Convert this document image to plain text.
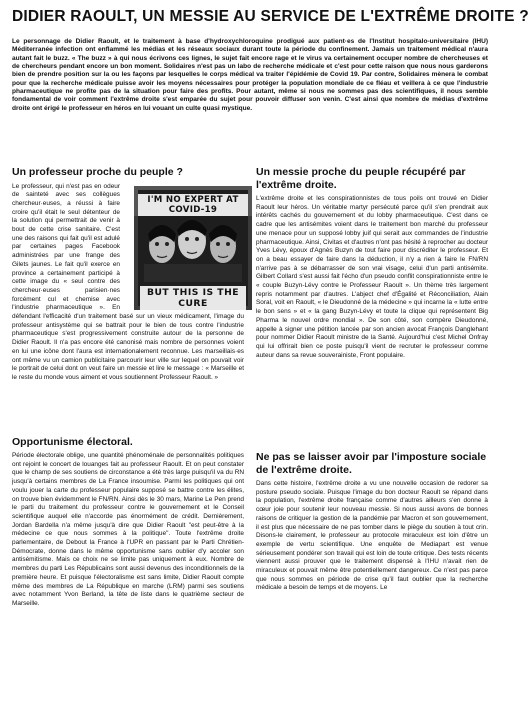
DIDIER RAOULT, UN MESSIE AU SERVICE DE L'EXTRÊME DROITE ?

Le personnage de Didier Raoult, et le traitement à base d'hydroxychloroquine prodigué aux patient·es de l'Institut hospitalo-universitaire (IHU) Méditerranée infection ont enflammé les médias et les réseaux sociaux durant toute la période du confinement. Jamais un traitement médical n'aura autant fait le buzz. « The buzz » à qui nous écrivons ces lignes, le sujet fait encore rage et le virus va certainement occuper nombre de chercheuses et de chercheurs pendant encore un bon moment. Solidaires n'est pas un labo de recherche médicale et c'est pour cette raison que nous nous garderons bien de prendre position sur la ou les façons par lesquelles le corps médical va traiter l'épidémie de Covid 19. Par contre, Solidaires mènera le combat pour que la recherche médicale puisse avoir les moyens nécessaires pour protéger la population mondiale de ce fléau et veillera à ce que l'industrie pharmaceutique ne profite pas de la situation pour faire des profits. Pour autant, même si nous ne sommes pas des scientifiques, il nous semble fondamental de voir comment l'extrême droite s'est emparée du sujet pour pouvoir diffuser son venin. C'est ainsi que nombre de médias d'extrême droite ont érigé le professeur en héros en lui vouant un culte quasi mystique.

Un professeur proche du peuple ?

Le professeur, qui n'est pas en odeur de sainteté avec ses collègues chercheur·euses, a réussi à faire croire qu'il était le seul détenteur de la solution qui permettrait de venir à bout de cette crise sanitaire. C'est une des raisons qui fait qu'il est adulé par certaines pages Facebook administrées par une frange des Gilets jaunes. Le fait qu'il exerce en province a certainement participé à cette image du « seul contre des chercheur·euses parisien·nes forcément cul et chemise avec l'industrie pharmaceutique ». En défendant l'efficacité d'un traitement basé sur un vieux médicament, l'image du professeur antisystème qui se battrait pour le bien de tous contre l'industrie pharmaceutique s'est progressivement construite autour de la personne de Didier Raoult. Il n'a pas encore été canonisé mais nombre de personnes voient en lui une icône dont l'aura est internationalement reconnue. Les marseillais·es ont même vu un camion publicitaire parcourir leur ville sur lequel on pouvait voir le portrait de celui dont on veut faire un messie et lire le message : « Marseille et le reste du monde vous aiment et vous soutiennent Professeur Raoult. »

Opportunisme électoral.

Période électorale oblige, une quantité phénoménale de personnalités politiques ont rejoint le concert de louanges fait au professeur Raoult. Et on peut constater que le champ de ses soutiens de circonstance a été très large puisqu'il va du RN jusqu'à certains membres de La France insoumise. Parmi les politiques qui ont voulu jouer la carte du professeur populaire supposé se battre contre les élites, on trouve bien évidemment le FN/RN. Ainsi dès le 30 mars, Marine Le Pen prend le parti du traitement du professeur contre le gouvernement et le Conseil scientifique auquel elle n'accorde pas énormément de crédit. Dernièrement, Jordan Bardella n'a même jusqu'à dire que Didier Raoult "est peut-être à la médecine ce que nous sommes à la politique". Toute l'extrême droite parlementaire, de Debout la France à l'UPR en passant par le Parti Chrétien-Démocrate, donne dans le même opportunisme sans oublier d'y accoler son antisémitisme. Mais ce choix ne se limite pas uniquement à eux. Nombre de membres du parti Les Républicains sont aussi devenus des inconditionnels de la première heure. Et puisque l'électoralisme est sans limite, Didier Raoult compte même des membres de La République en marche (LRM) parmi ses soutiens avec notamment Yvon Berland, la tête de liste dans le quatrième secteur de Marseille.

Un messie proche du peuple récupéré par l'extrême droite.

L'extrême droite et les conspirationnistes de tous poils ont trouvé en Didier Raoult leur héros. Un véritable martyr persécuté parce qu'il s'en prendrait aux intérêts cachés du gouvernement et du lobby pharmaceutique. C'est dans ce cadre que les antisémites voient dans le traitement bon marché du professeur une menace pour un supposé lobby juif qui serait aux commandes de l'industrie pharmaceutique. Ainsi, Civitas et d'autres n'ont pas hésité à reprocher au docteur Yves Lévy, époux d'Agnès Buzyn de tout faire pour discréditer le professeur. Et on a beau essayer de faire dans la déduction, il n'y a rien à faire le FN/RN n'arrive pas à se débarrasser de son vrai visage, celui d'un parti antisémite. Gilbert Collard s'est aussi fait l'écho d'un pseudo conflit conspirationniste entre le « couple Buzyn-Lévy contre le Professeur Raoult ». Un thème très largement repris notamment par d'autres. L'abject chef d'Égalité et Réconciliation, Alain Soral, voit en Raoult, « le Dieudonné de la médecine » qui incarne la « lutte entre le bon sens » et « la gang Buzyn-Lévy et toute la clique qui représentent Big Pharma le nouvel ordre mondial ». De son côté, son compère Dieudonné, appelle à signer une pétition lancée par son ancien avocat François Danglehant pour nommer Didier Raoult ministre de la Santé. Aujourd'hui c'est Michel Onfray qui lui offrirait bien ce poste puisqu'il vient de recruter le professeur comme auteur dans sa revue souverainiste, Front populaire.

Ne pas se laisser avoir par l'imposture sociale de l'extrême droite.

Dans cette histoire, l'extrême droite a vu une nouvelle occasion de redorer sa posture pseudo sociale. Puisque l'image du bon docteur Raoult se répand dans la population, l'extrême droite française comme d'autres ailleurs s'en donne à cœur joie pour soutenir leur nouveau messie. Si nous aussi avons de bonnes raisons de critiquer la gestion de la pandémie par Macron et son gouvernement, il est plus que nécessaire de ne pas tomber dans le piège du soutien à tout crin. Disons-le clairement, le professeur au protocole miraculeux est loin d'être un exemple de vertu scientifique. Une enquête de Mediapart est venue sérieusement pondérer son travail qui est loin de toute critique. Des tests récents viennent aussi prouver que le traitement dispensé à l'IHU n'avait rien de miraculeux et pouvait même être potentiellement dangereux. Ce n'est pas parce que nous sommes en période de crise qu'il faut oublier que la recherche médicale a besoin de temps et de moyens. Le

I'M NO EXPERT AT COVID-19
BUT THIS IS THE CURE
